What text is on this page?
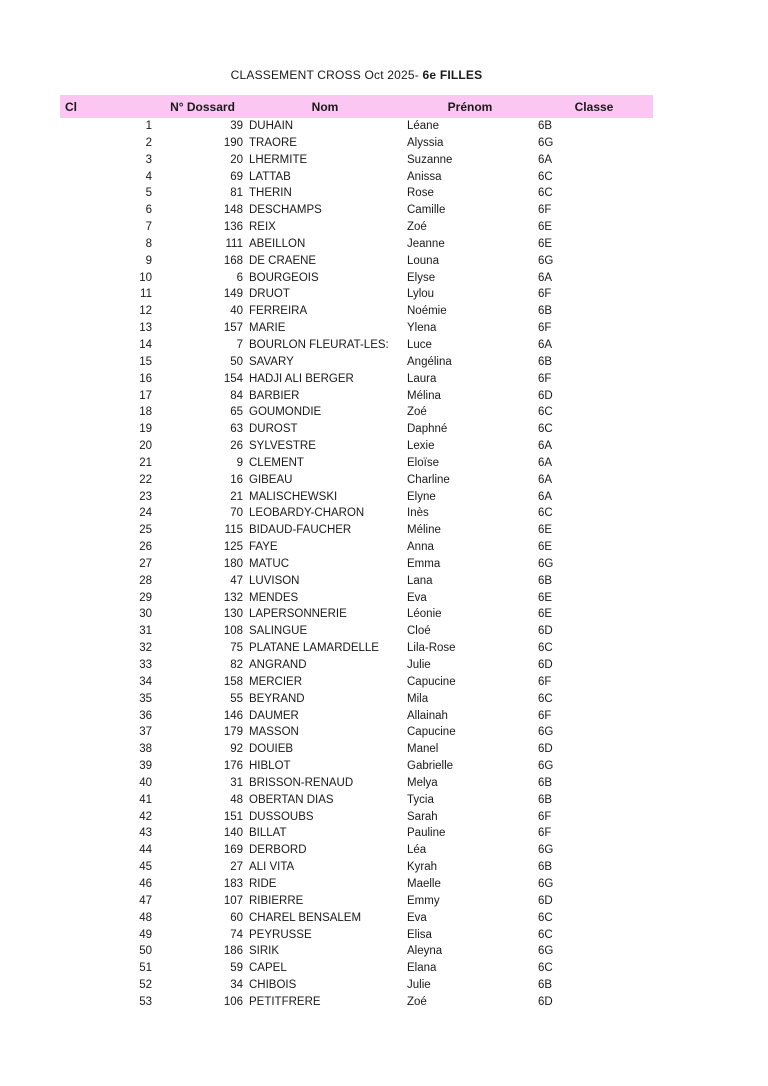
CLASSEMENT CROSS Oct 2025- 6e FILLES
Cl	N° Dossard	Nom	Prénom	Classe
1	39 DUHAIN	Léane	6B
2	190 TRAORE	Alyssia	6G
3	20 LHERMITE	Suzanne	6A
4	69 LATTAB	Anissa	6C
5	81 THERIN	Rose	6C
6	148 DESCHAMPS	Camille	6F
7	136 REIX	Zoé	6E
8	111 ABEILLON	Jeanne	6E
9	168 DE CRAENE	Louna	6G
10	6 BOURGEOIS	Elyse	6A
11	149 DRUOT	Lylou	6F
12	40 FERREIRA	Noémie	6B
13	157 MARIE	Ylena	6F
14	7 BOURLON FLEURAT-LES:	Luce	6A
15	50 SAVARY	Angélina	6B
16	154 HADJI ALI BERGER	Laura	6F
17	84 BARBIER	Mélina	6D
18	65 GOUMONDIE	Zoé	6C
19	63 DUROST	Daphné	6C
20	26 SYLVESTRE	Lexie	6A
21	9 CLEMENT	Eloïse	6A
22	16 GIBEAU	Charline	6A
23	21 MALISCHEWSKI	Elyne	6A
24	70 LEOBARDY-CHARON	Inès	6C
25	115 BIDAUD-FAUCHER	Méline	6E
26	125 FAYE	Anna	6E
27	180 MATUC	Emma	6G
28	47 LUVISON	Lana	6B
29	132 MENDES	Eva	6E
30	130 LAPERSONNERIE	Léonie	6E
31	108 SALINGUE	Cloé	6D
32	75 PLATANE LAMARDELLE	Lila-Rose	6C
33	82 ANGRAND	Julie	6D
34	158 MERCIER	Capucine	6F
35	55 BEYRAND	Mila	6C
36	146 DAUMER	Allainah	6F
37	179 MASSON	Capucine	6G
38	92 DOUIEB	Manel	6D
39	176 HIBLOT	Gabrielle	6G
40	31 BRISSON-RENAUD	Melya	6B
41	48 OBERTAN DIAS	Tycia	6B
42	151 DUSSOUBS	Sarah	6F
43	140 BILLAT	Pauline	6F
44	169 DERBORD	Léa	6G
45	27 ALI VITA	Kyrah	6B
46	183 RIDE	Maelle	6G
47	107 RIBIERRE	Emmy	6D
48	60 CHAREL BENSALEM	Eva	6C
49	74 PEYRUSSE	Elisa	6C
50	186 SIRIK	Aleyna	6G
51	59 CAPEL	Elana	6C
52	34 CHIBOIS	Julie	6B
53	106 PETITFRERE	Zoé	6D
